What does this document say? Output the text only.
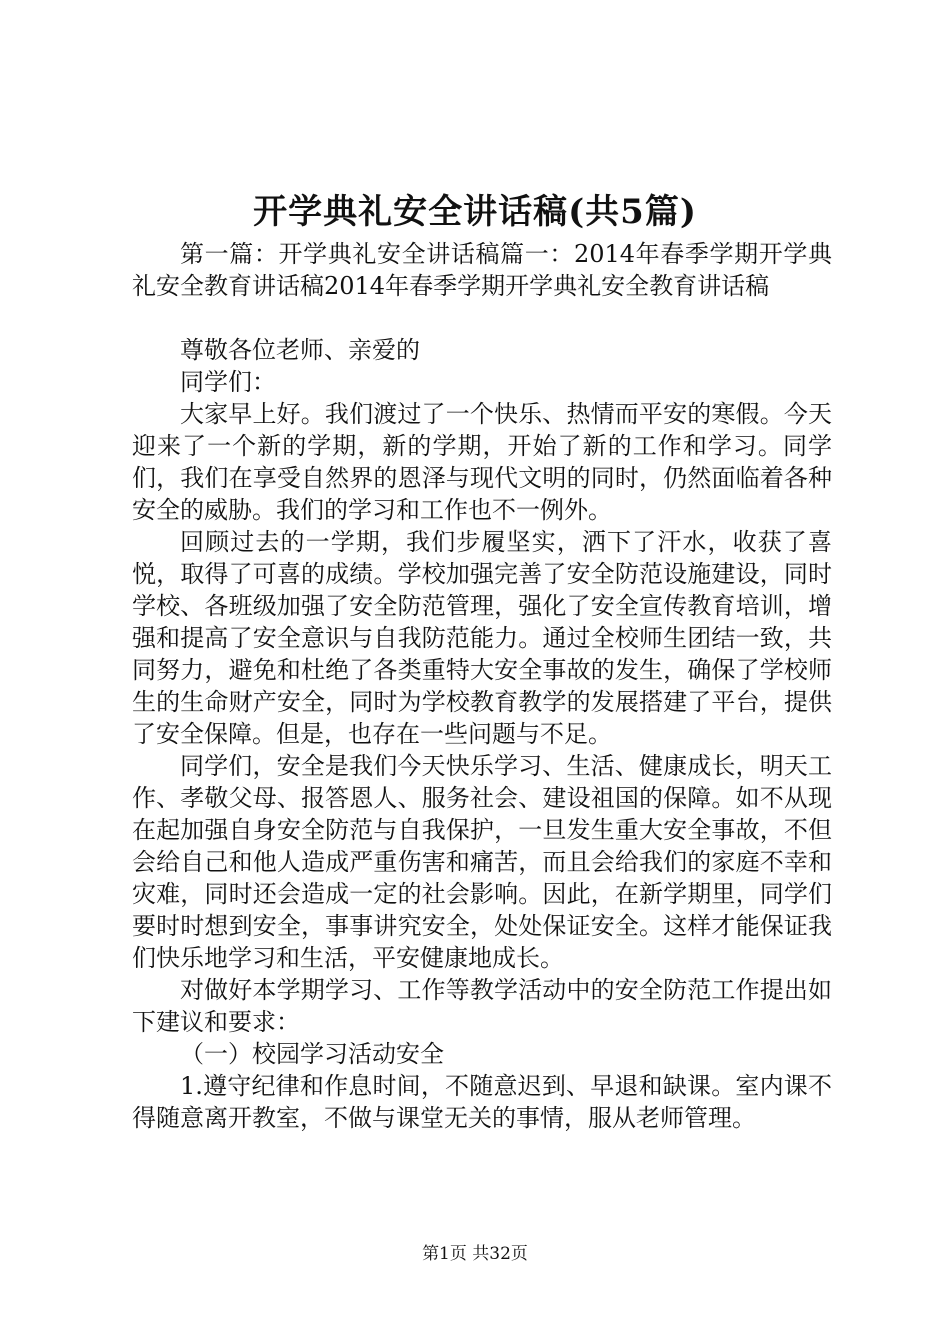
开学典礼安全讲话稿(共5篇)

第一篇：开学典礼安全讲话稿篇一：2014年春季学期开学典礼安全教育讲话稿2014年春季学期开学典礼安全教育讲话稿

尊敬各位老师、亲爱的

同学们：

大家早上好。我们渡过了一个快乐、热情而平安的寒假。今天迎来了一个新的学期，新的学期，开始了新的工作和学习。同学们，我们在享受自然界的恩泽与现代文明的同时，仍然面临着各种安全的威胁。我们的学习和工作也不一例外。

回顾过去的一学期，我们步履坚实，洒下了汗水，收获了喜悦，取得了可喜的成绩。学校加强完善了安全防范设施建设，同时学校、各班级加强了安全防范管理，强化了安全宣传教育培训，增强和提高了安全意识与自我防范能力。通过全校师生团结一致，共同努力，避免和杜绝了各类重特大安全事故的发生，确保了学校师生的生命财产安全，同时为学校教育教学的发展搭建了平台，提供了安全保障。但是，也存在一些问题与不足。

同学们，安全是我们今天快乐学习、生活、健康成长，明天工作、孝敬父母、报答恩人、服务社会、建设祖国的保障。如不从现在起加强自身安全防范与自我保护，一旦发生重大安全事故，不但会给自己和他人造成严重伤害和痛苦，而且会给我们的家庭不幸和灾难，同时还会造成一定的社会影响。因此，在新学期里，同学们要时时想到安全，事事讲究安全，处处保证安全。这样才能保证我们快乐地学习和生活，平安健康地成长。

对做好本学期学习、工作等教学活动中的安全防范工作提出如下建议和要求：

（一）校园学习活动安全

1.遵守纪律和作息时间，不随意迟到、早退和缺课。室内课不得随意离开教室，不做与课堂无关的事情，服从老师管理。

第1页 共32页
